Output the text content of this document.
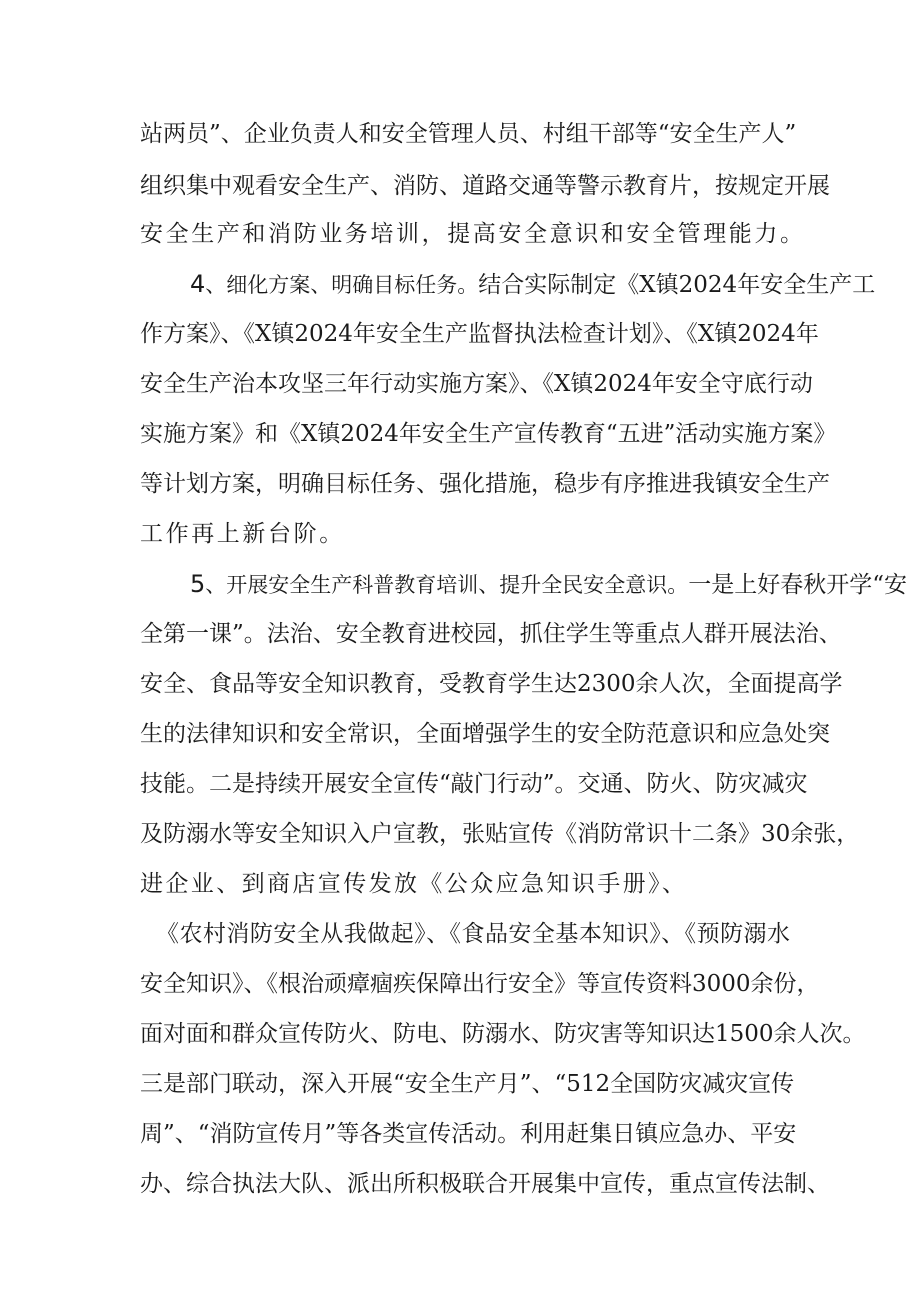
站两员”、企业负责人和安全管理人员、村组干部等“安全生产人”
组织集中观看安全生产、消防、道路交通等警示教育片，按规定开展
安全生产和消防业务培训，提高安全意识和安全管理能力。
4、细化方案、明确目标任务。结合实际制定《X镇2024年安全生产工
作方案》、《X镇2024年安全生产监督执法检查计划》、《X镇2024年
安全生产治本攻坚三年行动实施方案》、《X镇2024年安全守底行动
实施方案》和《X镇2024年安全生产宣传教育“五进”活动实施方案》
等计划方案，明确目标任务、强化措施，稳步有序推进我镇安全生产
工作再上新台阶。
5、开展安全生产科普教育培训、提升全民安全意识。一是上好春秋开学“安
全第一课”。法治、安全教育进校园，抓住学生等重点人群开展法治、
安全、食品等安全知识教育，受教育学生达2300余人次，全面提高学
生的法律知识和安全常识，全面增强学生的安全防范意识和应急处突
技能。二是持续开展安全宣传“敲门行动”。交通、防火、防灾减灾
及防溺水等安全知识入户宣教，张贴宣传《消防常识十二条》30余张，
进企业、到商店宣传发放《公众应急知识手册》、
《农村消防安全从我做起》、《食品安全基本知识》、《预防溺水
安全知识》、《根治顽瘴痼疾保障出行安全》等宣传资料3000余份，
面对面和群众宣传防火、防电、防溺水、防灾害等知识达1500余人次。
三是部门联动，深入开展“安全生产月”、“512全国防灾减灾宣传
周”、“消防宣传月”等各类宣传活动。利用赶集日镇应急办、平安
办、综合执法大队、派出所积极联合开展集中宣传，重点宣传法制、
